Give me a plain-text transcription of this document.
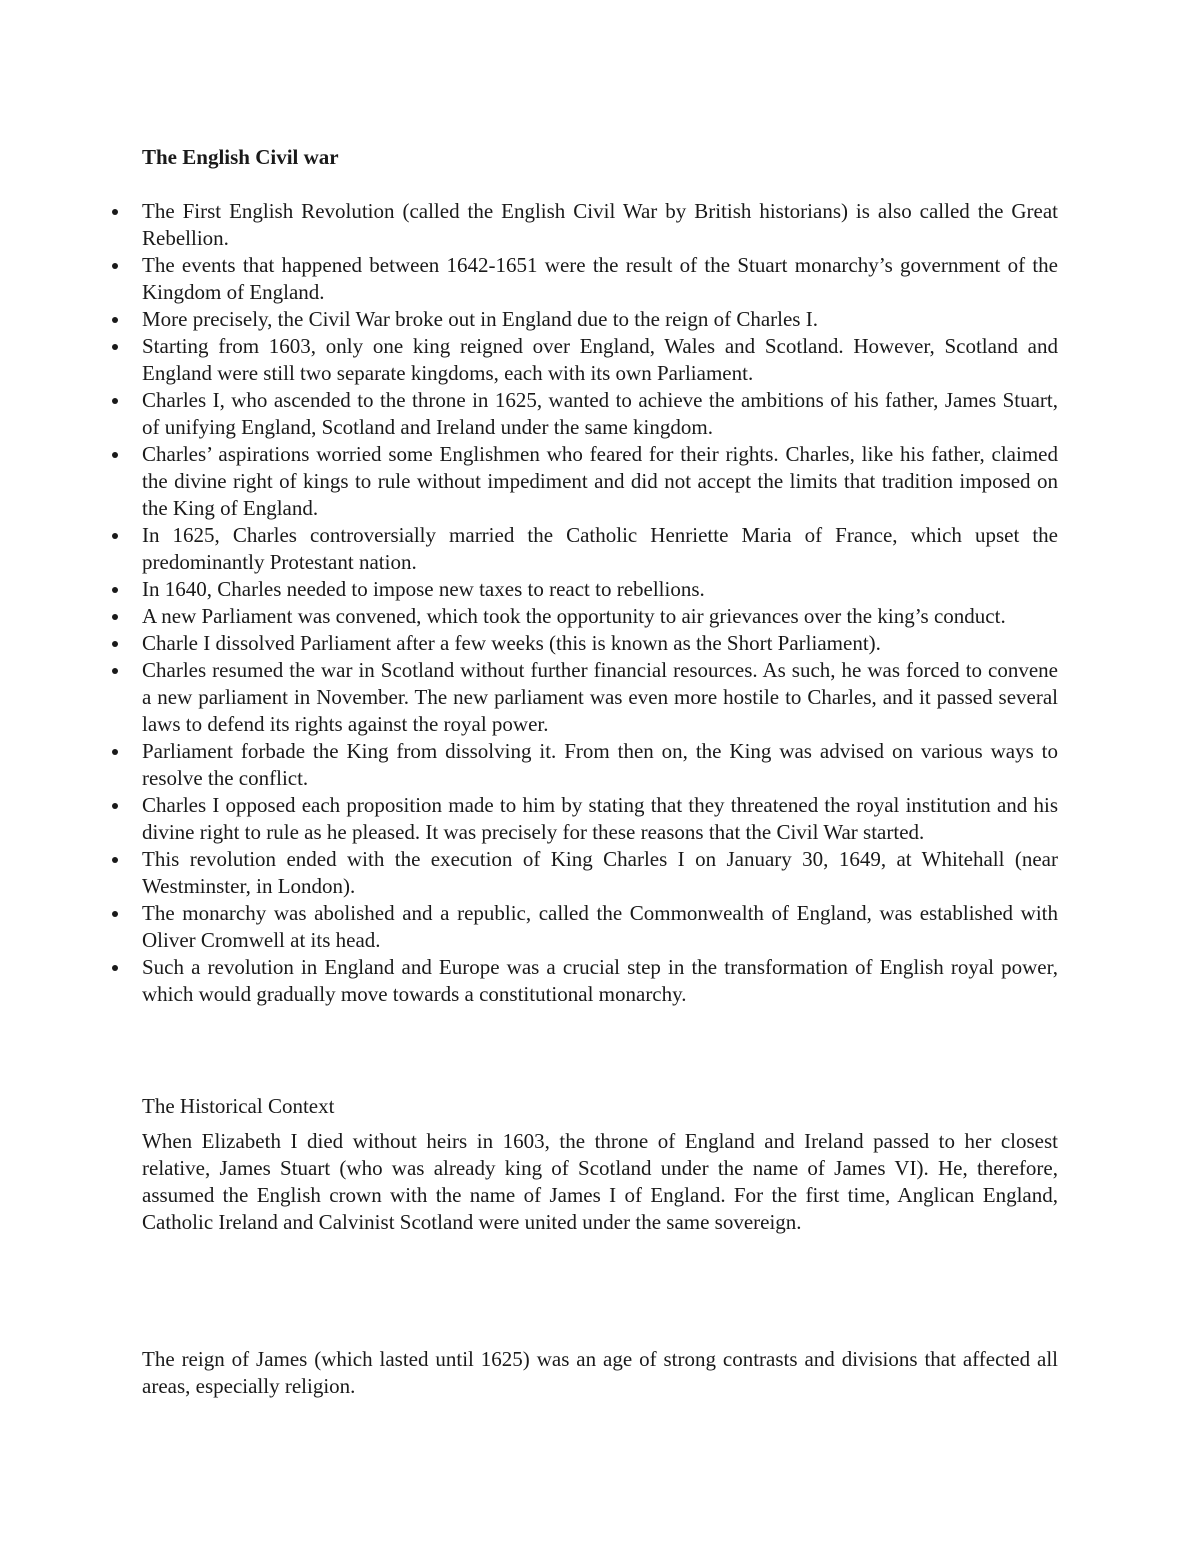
The English Civil war
The First English Revolution (called the English Civil War by British historians) is also called the Great Rebellion.
The events that happened between 1642-1651 were the result of the Stuart monarchy’s government of the Kingdom of England.
More precisely, the Civil War broke out in England due to the reign of Charles I.
Starting from 1603, only one king reigned over England, Wales and Scotland. However, Scotland and England were still two separate kingdoms, each with its own Parliament.
Charles I, who ascended to the throne in 1625, wanted to achieve the ambitions of his father, James Stuart, of unifying England, Scotland and Ireland under the same kingdom.
Charles’ aspirations worried some Englishmen who feared for their rights. Charles, like his father, claimed the divine right of kings to rule without impediment and did not accept the limits that tradition imposed on the King of England.
In 1625, Charles controversially married the Catholic Henriette Maria of France, which upset the predominantly Protestant nation.
In 1640, Charles needed to impose new taxes to react to rebellions.
A new Parliament was convened, which took the opportunity to air grievances over the king’s conduct.
Charle I dissolved Parliament after a few weeks (this is known as the Short Parliament).
Charles resumed the war in Scotland without further financial resources. As such, he was forced to convene a new parliament in November. The new parliament was even more hostile to Charles, and it passed several laws to defend its rights against the royal power.
Parliament forbade the King from dissolving it. From then on, the King was advised on various ways to resolve the conflict.
Charles I opposed each proposition made to him by stating that they threatened the royal institution and his divine right to rule as he pleased. It was precisely for these reasons that the Civil War started.
This revolution ended with the execution of King Charles I on January 30, 1649, at Whitehall (near Westminster, in London).
The monarchy was abolished and a republic, called the Commonwealth of England, was established with Oliver Cromwell at its head.
Such a revolution in England and Europe was a crucial step in the transformation of English royal power, which would gradually move towards a constitutional monarchy.
The Historical Context

When Elizabeth I died without heirs in 1603, the throne of England and Ireland passed to her closest relative, James Stuart (who was already king of Scotland under the name of James VI). He, therefore, assumed the English crown with the name of James I of England. For the first time, Anglican England, Catholic Ireland and Calvinist Scotland were united under the same sovereign.

The reign of James (which lasted until 1625) was an age of strong contrasts and divisions that affected all areas, especially religion.
